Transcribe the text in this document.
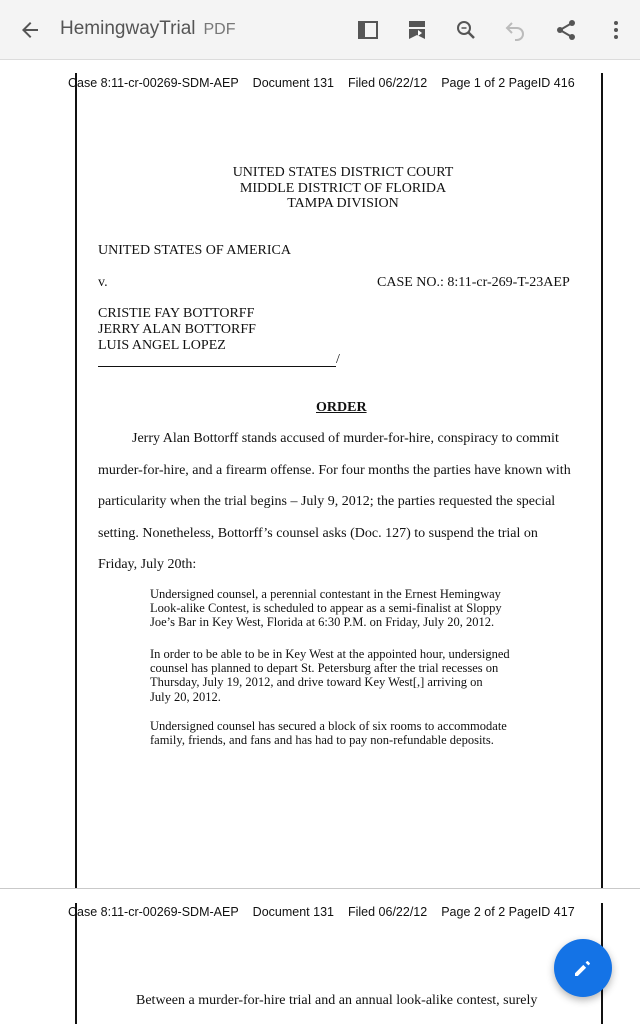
HemingwayTrial PDF
Case 8:11-cr-00269-SDM-AEP Document 131 Filed 06/22/12 Page 1 of 2 PageID 416
UNITED STATES DISTRICT COURT
MIDDLE DISTRICT OF FLORIDA
TAMPA DIVISION
UNITED STATES OF AMERICA
v.	CASE NO.: 8:11-cr-269-T-23AEP
CRISTIE FAY BOTTORFF
JERRY ALAN BOTTORFF
LUIS ANGEL LOPEZ
/
ORDER
Jerry Alan Bottorff stands accused of murder-for-hire, conspiracy to commit
murder-for-hire, and a firearm offense. For four months the parties have known with
particularity when the trial begins – July 9, 2012; the parties requested the special
setting. Nonetheless, Bottorff’s counsel asks (Doc. 127) to suspend the trial on
Friday, July 20th:
Undersigned counsel, a perennial contestant in the Ernest Hemingway
Look-alike Contest, is scheduled to appear as a semi-finalist at Sloppy
Joe’s Bar in Key West, Florida at 6:30 P.M. on Friday, July 20, 2012.
In order to be able to be in Key West at the appointed hour, undersigned
counsel has planned to depart St. Petersburg after the trial recesses on
Thursday, July 19, 2012, and drive toward Key West[,] arriving on
July 20, 2012.
Undersigned counsel has secured a block of six rooms to accommodate
family, friends, and fans and has had to pay non-refundable deposits.
Case 8:11-cr-00269-SDM-AEP Document 131 Filed 06/22/12 Page 2 of 2 PageID 417
Between a murder-for-hire trial and an annual look-alike contest, surely
